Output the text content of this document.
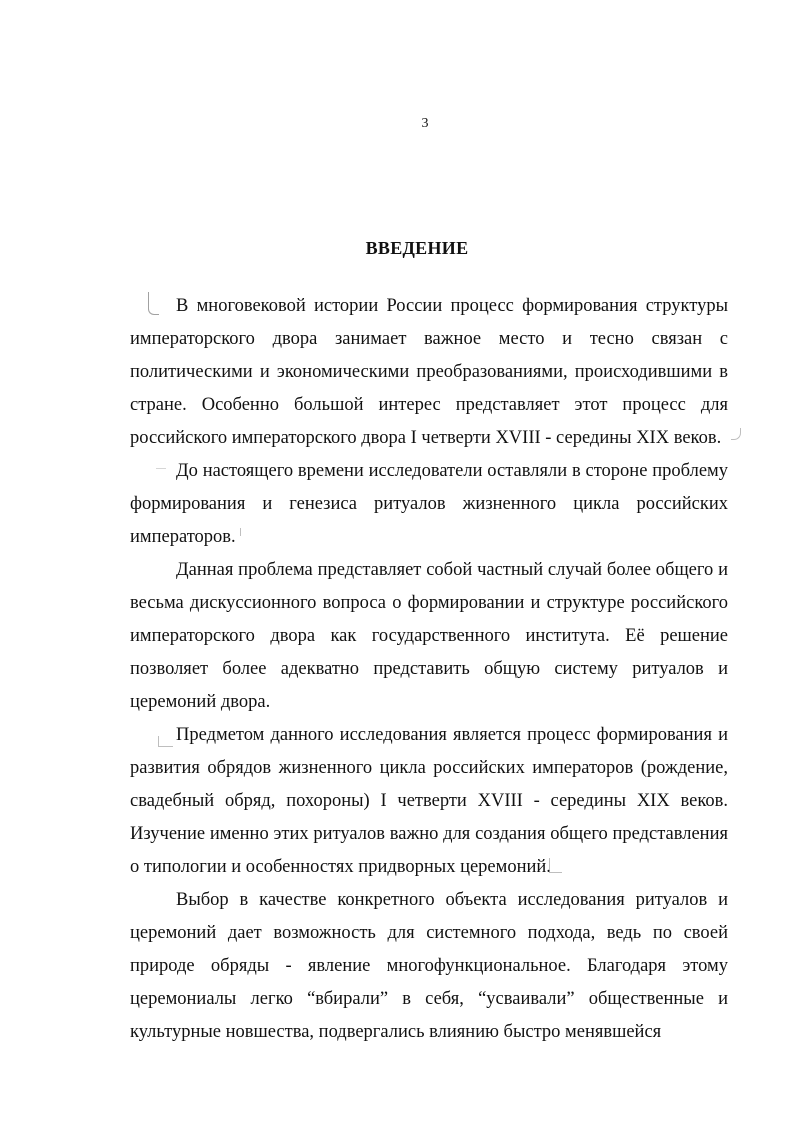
3
ВВЕДЕНИЕ

В многовековой истории России процесс формирования структуры императорского двора занимает важное место и тесно связан с политическими и экономическими преобразованиями, происходившими в стране. Особенно большой интерес представляет этот процесс для российского императорского двора I четверти XVIII - середины XIX веков.

До настоящего времени исследователи оставляли в стороне проблему формирования и генезиса ритуалов жизненного цикла российских императоров.

Данная проблема представляет собой частный случай более общего и весьма дискуссионного вопроса о формировании и структуре российского императорского двора как государственного института. Её решение позволяет более адекватно представить общую систему ритуалов и церемоний двора.

Предметом данного исследования является процесс формирования и развития обрядов жизненного цикла российских императоров (рождение, свадебный обряд, похороны) I четверти XVIII - середины XIX веков. Изучение именно этих ритуалов важно для создания общего представления о типологии и особенностях придворных церемоний.

Выбор в качестве конкретного объекта исследования ритуалов и церемоний дает возможность для системного подхода, ведь по своей природе обряды - явление многофункциональное. Благодаря этому церемониалы легко “вбирали” в себя, “усваивали” общественные и культурные новшества, подвергались влиянию быстро менявшейся
